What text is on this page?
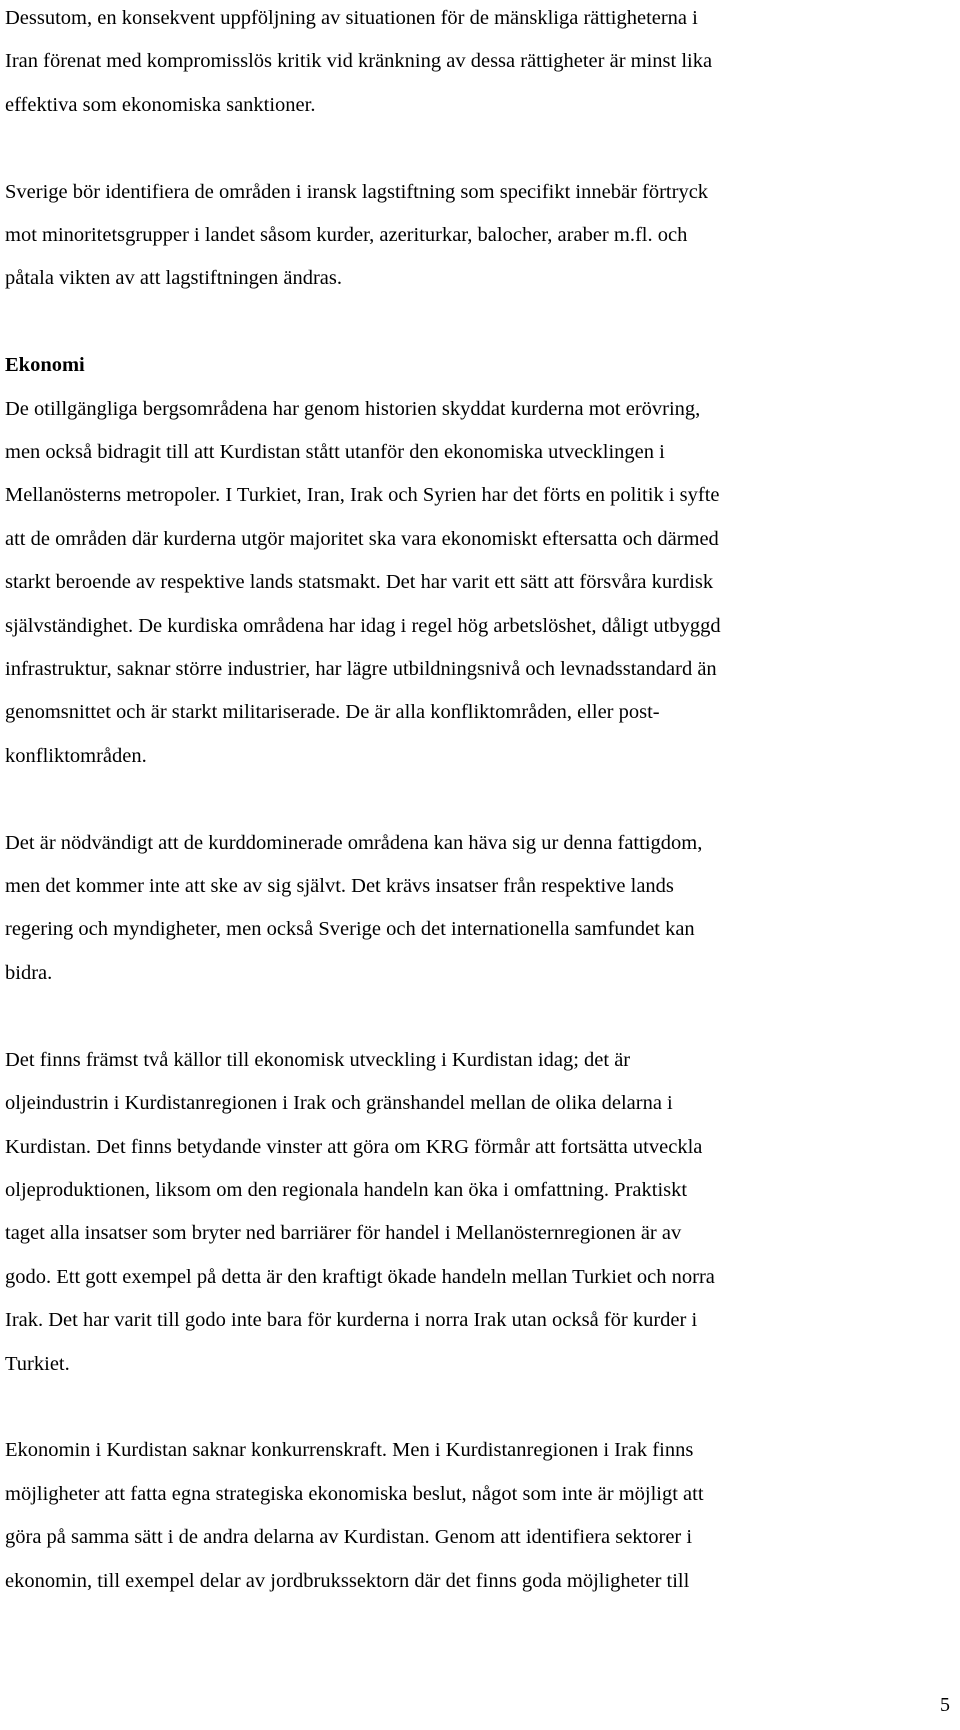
Dessutom, en konsekvent uppföljning av situationen för de mänskliga rättigheterna i
Iran förenat med kompromisslös kritik vid kränkning av dessa rättigheter är minst lika
effektiva som ekonomiska sanktioner.

Sverige bör identifiera de områden i iransk lagstiftning som specifikt innebär förtryck
mot minoritetsgrupper i landet såsom kurder, azeriturkar, balocher, araber m.fl. och
påtala vikten av att lagstiftningen ändras.

Ekonomi

De otillgängliga bergsområdena har genom historien skyddat kurderna mot erövring,
men också bidragit till att Kurdistan stått utanför den ekonomiska utvecklingen i
Mellanösterns metropoler. I Turkiet, Iran, Irak och Syrien har det förts en politik i syfte
att de områden där kurderna utgör majoritet ska vara ekonomiskt eftersatta och därmed
starkt beroende av respektive lands statsmakt. Det har varit ett sätt att försvåra kurdisk
självständighet. De kurdiska områdena har idag i regel hög arbetslöshet, dåligt utbyggd
infrastruktur, saknar större industrier, har lägre utbildningsnivå och levnadsstandard än
genomsnittet och är starkt militariserade. De är alla konfliktområden, eller post-
konfliktområden.

Det är nödvändigt att de kurddominerade områdena kan häva sig ur denna fattigdom,
men det kommer inte att ske av sig självt. Det krävs insatser från respektive lands
regering och myndigheter, men också Sverige och det internationella samfundet kan
bidra.

Det finns främst två källor till ekonomisk utveckling i Kurdistan idag; det är
oljeindustrin i Kurdistanregionen i Irak och gränshandel mellan de olika delarna i
Kurdistan. Det finns betydande vinster att göra om KRG förmår att fortsätta utveckla
oljeproduktionen, liksom om den regionala handeln kan öka i omfattning. Praktiskt
taget alla insatser som bryter ned barriärer för handel i Mellanösternregionen är av
godo. Ett gott exempel på detta är den kraftigt ökade handeln mellan Turkiet och norra
Irak. Det har varit till godo inte bara för kurderna i norra Irak utan också för kurder i
Turkiet.

Ekonomin i Kurdistan saknar konkurrenskraft. Men i Kurdistanregionen i Irak finns
möjligheter att fatta egna strategiska ekonomiska beslut, något som inte är möjligt att
göra på samma sätt i de andra delarna av Kurdistan. Genom att identifiera sektorer i
ekonomin, till exempel delar av jordbrukssektorn där det finns goda möjligheter till

5
